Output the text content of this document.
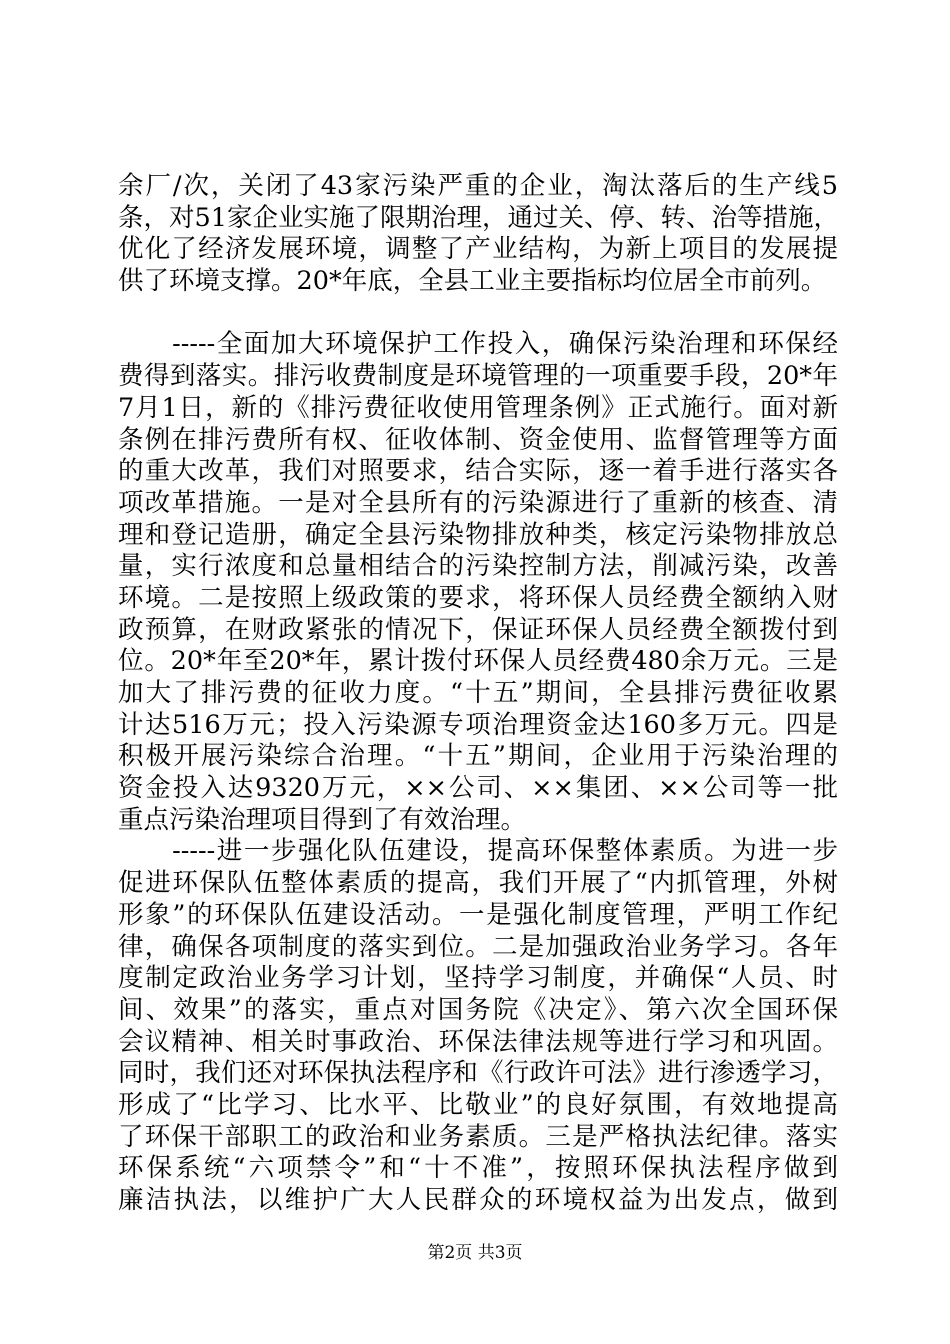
余厂/次，关闭了43家污染严重的企业，淘汰落后的生产线5
条，对51家企业实施了限期治理，通过关、停、转、治等措施，
优化了经济发展环境，调整了产业结构，为新上项目的发展提
供了环境支撑。20*年底，全县工业主要指标均位居全市前列。
　　-----全面加大环境保护工作投入，确保污染治理和环保经
费得到落实。排污收费制度是环境管理的一项重要手段，20*年
7月1日，新的《排污费征收使用管理条例》正式施行。面对新
条例在排污费所有权、征收体制、资金使用、监督管理等方面
的重大改革，我们对照要求，结合实际，逐一着手进行落实各
项改革措施。一是对全县所有的污染源进行了重新的核查、清
理和登记造册，确定全县污染物排放种类，核定污染物排放总
量，实行浓度和总量相结合的污染控制方法，削减污染，改善
环境。二是按照上级政策的要求，将环保人员经费全额纳入财
政预算，在财政紧张的情况下，保证环保人员经费全额拨付到
位。20*年至20*年，累计拨付环保人员经费480余万元。三是
加大了排污费的征收力度。“十五”期间，全县排污费征收累
计达516万元；投入污染源专项治理资金达160多万元。四是
积极开展污染综合治理。“十五”期间，企业用于污染治理的
资金投入达9320万元，××公司、××集团、××公司等一批
重点污染治理项目得到了有效治理。
　　-----进一步强化队伍建设，提高环保整体素质。为进一步
促进环保队伍整体素质的提高，我们开展了“内抓管理，外树
形象”的环保队伍建设活动。一是强化制度管理，严明工作纪
律，确保各项制度的落实到位。二是加强政治业务学习。各年
度制定政治业务学习计划，坚持学习制度，并确保“人员、时
间、效果”的落实，重点对国务院《决定》、第六次全国环保
会议精神、相关时事政治、环保法律法规等进行学习和巩固。
同时，我们还对环保执法程序和《行政许可法》进行渗透学习，
形成了“比学习、比水平、比敬业”的良好氛围，有效地提高
了环保干部职工的政治和业务素质。三是严格执法纪律。落实
环保系统“六项禁令”和“十不准”，按照环保执法程序做到
廉洁执法，以维护广大人民群众的环境权益为出发点，做到
第2页 共3页
